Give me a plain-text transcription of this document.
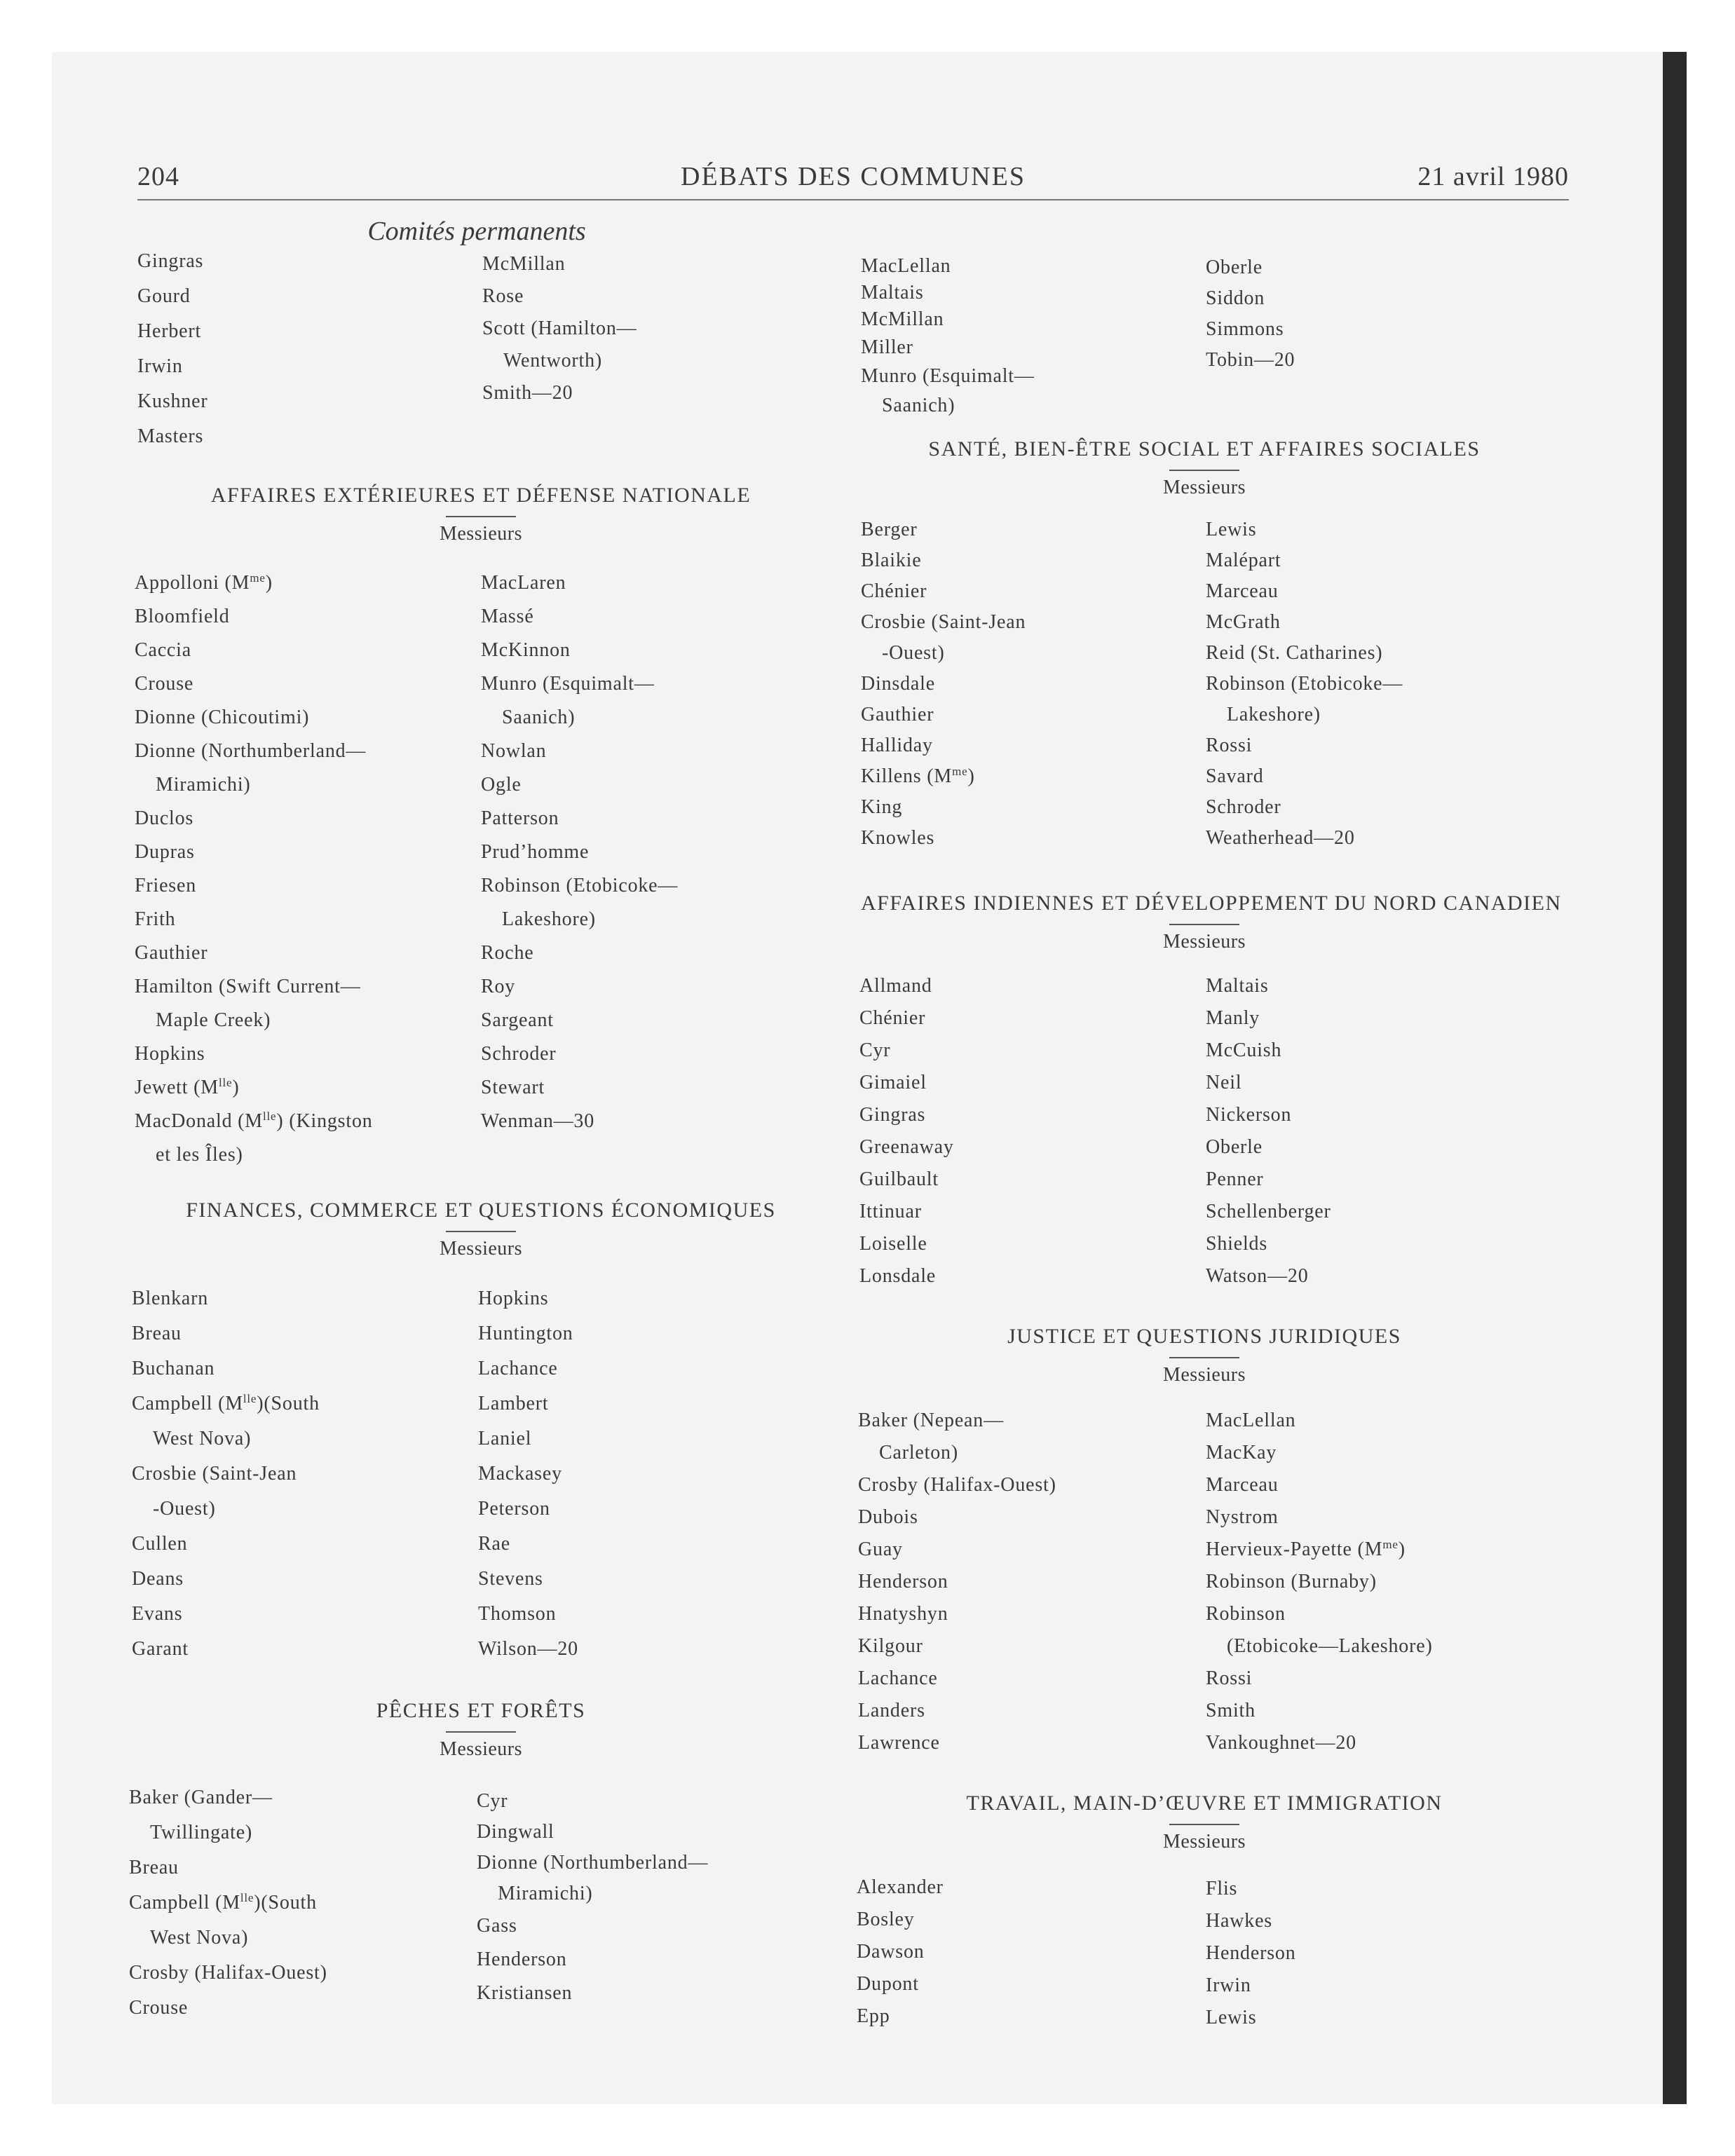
204	DÉBATS DES COMMUNES	21 avril 1980
Comités permanents
Gingras
Gourd
Herbert
Irwin
Kushner
Masters
McMillan
Rose
Scott (Hamilton—
Wentworth)
Smith—20
AFFAIRES EXTÉRIEURES ET DÉFENSE NATIONALE
Messieurs
Appolloni $(M^{me})$
Bloomfield
Caccia
Crouse
Dionne (Chicoutimi)
Dionne (Northumberland—
Miramichi)
Duclos
Dupras
Friesen
Frith
Gauthier
Hamilton (Swift Current—
Maple Creek)
Hopkins
Jewett $(M^{lle})$
MacDonald $(M^{lle})$ (Kingston
et les Îles)
MacLaren
Massé
McKinnon
Munro (Esquimalt—
Saanich)
Nowlan
Ogle
Patterson
Prud’homme
Robinson (Etobicoke—
Lakeshore)
Roche
Roy
Sargeant
Schroder
Stewart
Wenman—30
FINANCES, COMMERCE ET QUESTIONS ÉCONOMIQUES
Messieurs
Blenkarn
Breau
Buchanan
Campbell $(M^{lle})(South$
West Nova)
Crosbie (Saint-Jean
-Ouest)
Cullen
Deans
Evans
Garant
Hopkins
Huntington
Lachance
Lambert
Laniel
Mackasey
Peterson
Rae
Stevens
Thomson
Wilson—20
PÊCHES ET FORÊTS
Messieurs
Baker (Gander—
Twillingate)
Breau
Campbell $(M^{lle})(South$
West Nova)
Crosby (Halifax-Ouest)
Crouse
Cyr
Dingwall
Dionne (Northumberland—
Miramichi)
Gass
Henderson
Kristiansen
MacLellan
Maltais
McMillan
Miller
Munro (Esquimalt—
Saanich)
Oberle
Siddon
Simmons
Tobin—20
SANTÉ, BIEN-ÊTRE SOCIAL ET AFFAIRES SOCIALES
Messieurs
Berger
Blaikie
Chénier
Crosbie (Saint-Jean
-Ouest)
Dinsdale
Gauthier
Halliday
Killens $(M^{me})$
King
Knowles
Lewis
Malépart
Marceau
McGrath
Reid (St. Catharines)
Robinson (Etobicoke—
Lakeshore)
Rossi
Savard
Schroder
Weatherhead—20
AFFAIRES INDIENNES ET DÉVELOPPEMENT DU NORD CANADIEN
Messieurs
Allmand
Chénier
Cyr
Gimaiel
Gingras
Greenaway
Guilbault
Ittinuar
Loiselle
Lonsdale
Maltais
Manly
McCuish
Neil
Nickerson
Oberle
Penner
Schellenberger
Shields
Watson—20
JUSTICE ET QUESTIONS JURIDIQUES
Messieurs
Baker (Nepean—
Carleton)
Crosby (Halifax-Ouest)
Dubois
Guay
Henderson
Hnatyshyn
Kilgour
Lachance
Landers
Lawrence
MacLellan
MacKay
Marceau
Nystrom
Hervieux-Payette $(M^{me})$
Robinson (Burnaby)
Robinson
(Etobicoke—Lakeshore)
Rossi
Smith
Vankoughnet—20
TRAVAIL, MAIN-D’ŒUVRE ET IMMIGRATION
Messieurs
Alexander
Bosley
Dawson
Dupont
Epp
Flis
Hawkes
Henderson
Irwin
Lewis
